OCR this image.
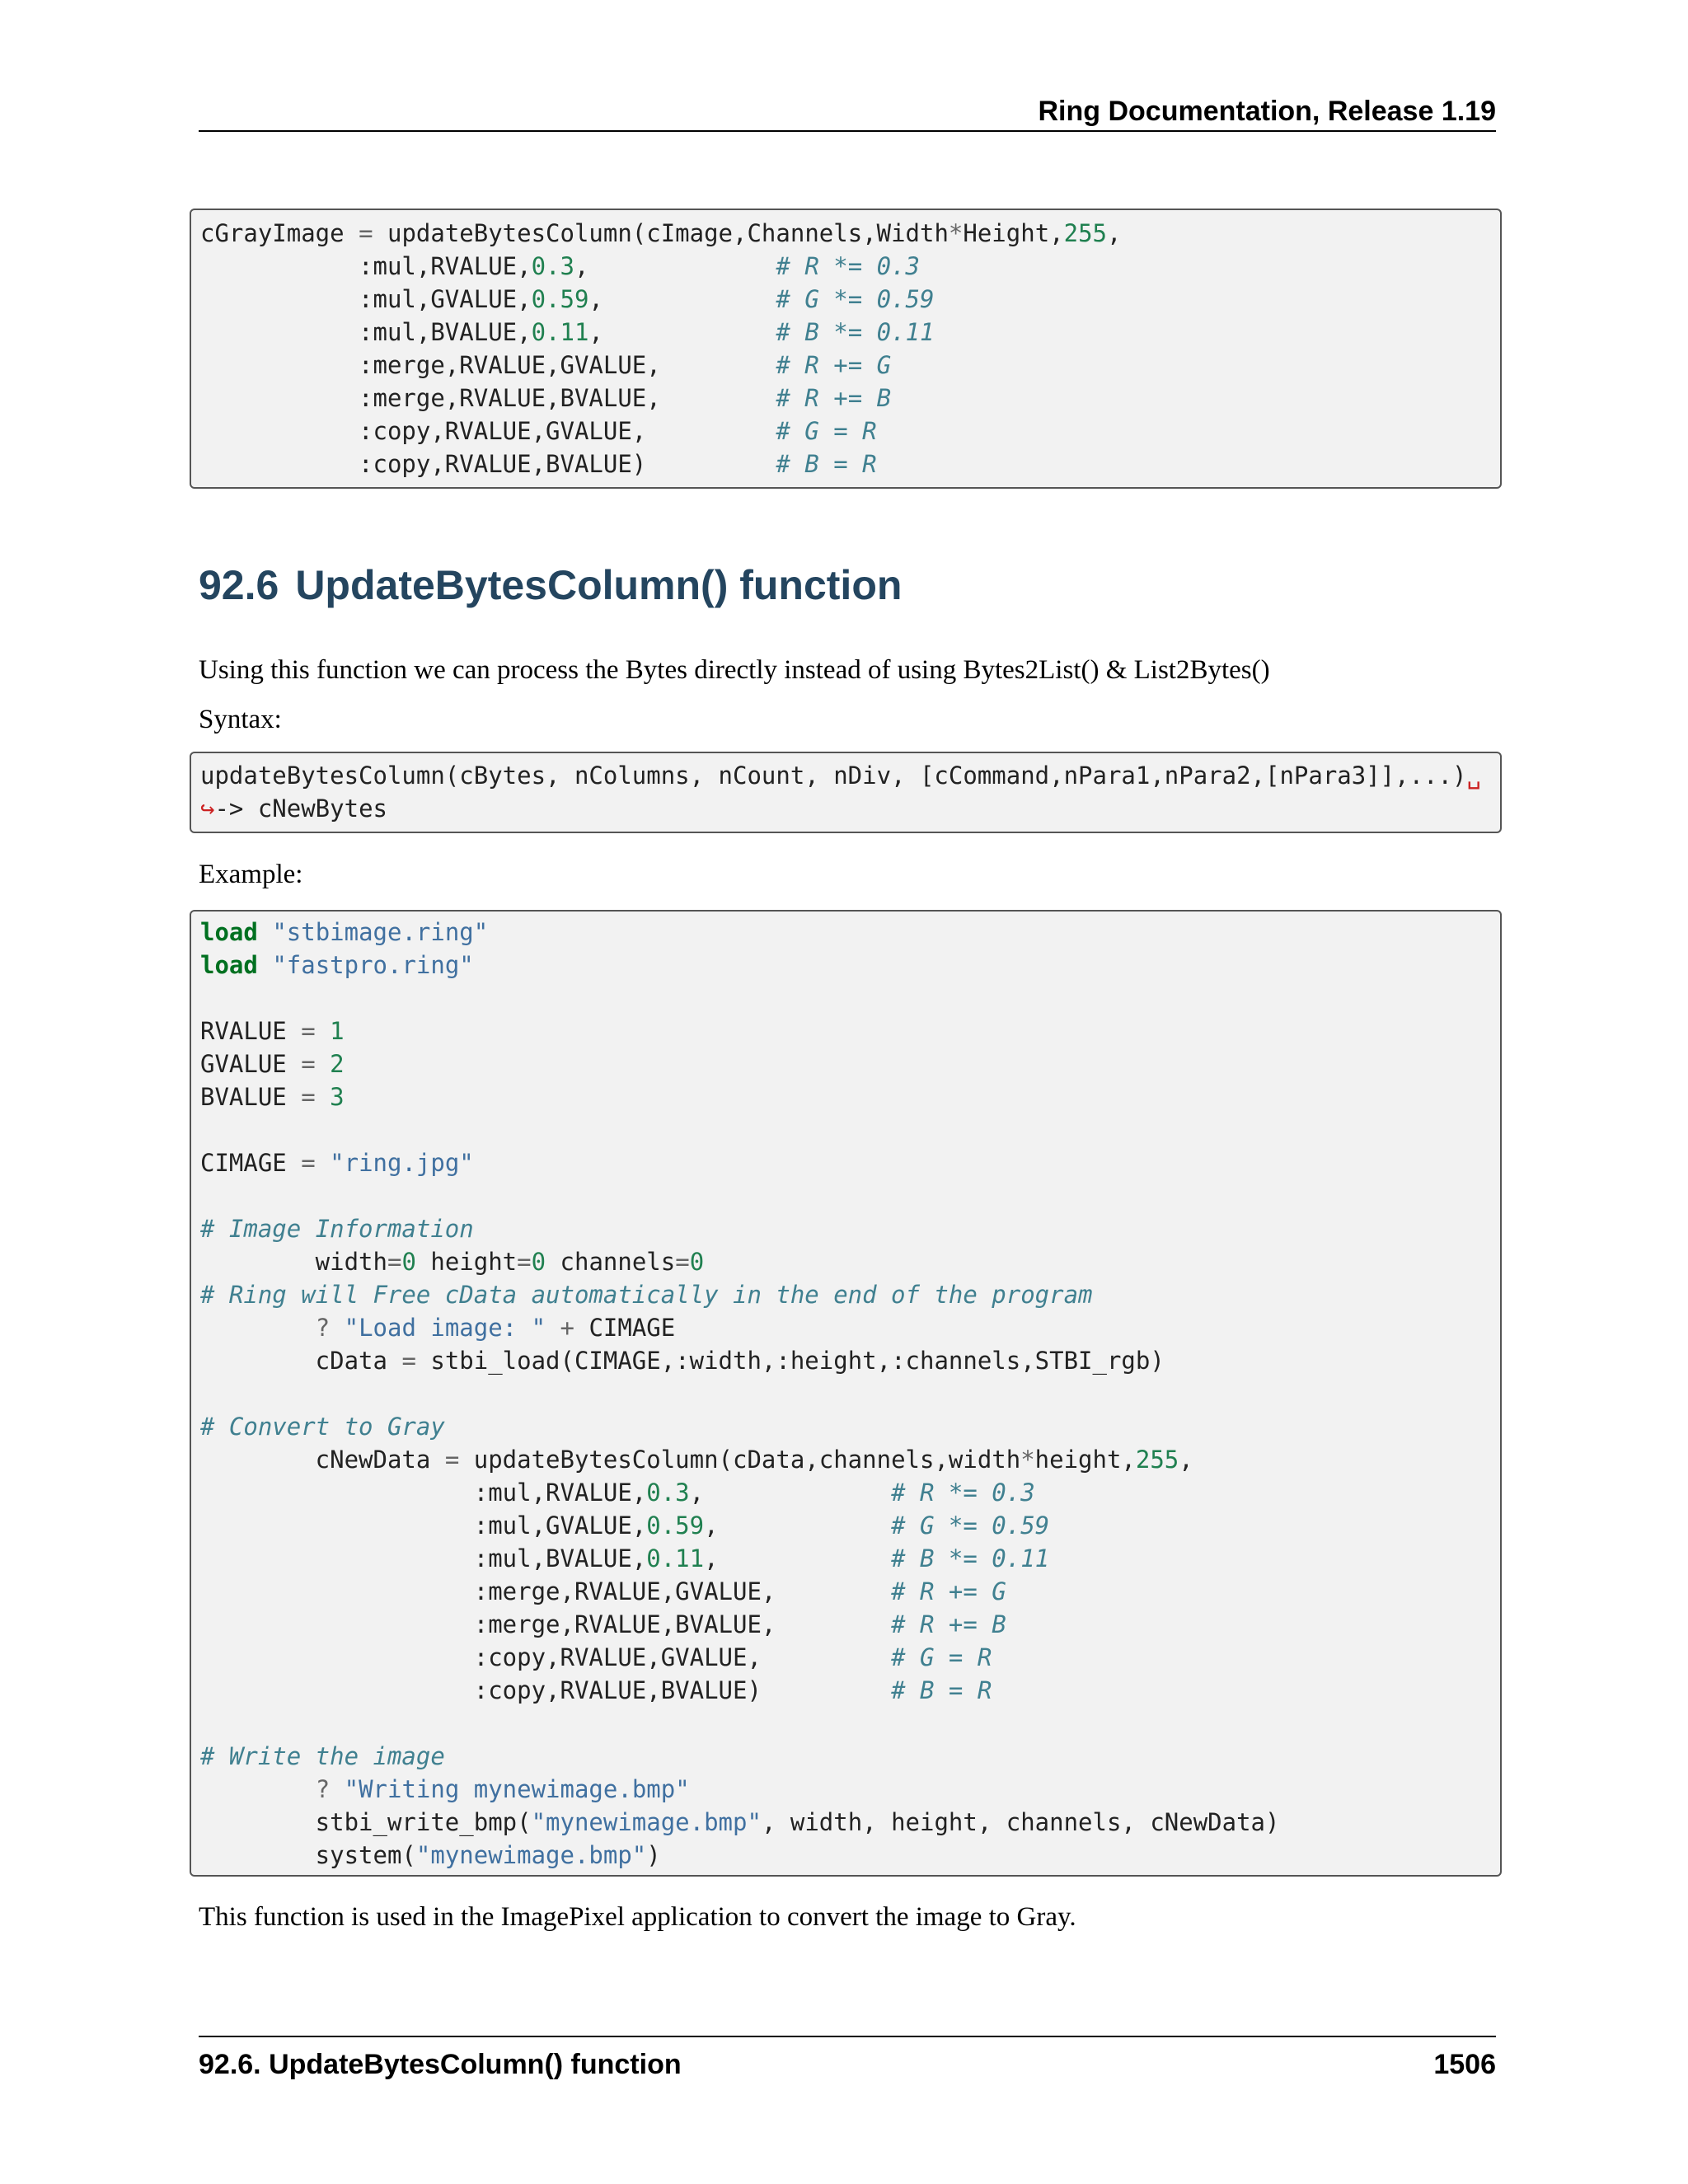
Ring Documentation, Release 1.19
cGrayImage = updateBytesColumn(cImage,Channels,Width*Height,255,
:mul,RVALUE,0.3,             # R *= 0.3
:mul,GVALUE,0.59,            # G *= 0.59
:mul,BVALUE,0.11,            # B *= 0.11
:merge,RVALUE,GVALUE,	# R += G
:merge,RVALUE,BVALUE,	# R += B
:copy,RVALUE,GVALUE,	# G = R
:copy,RVALUE,BVALUE)	# B = R
92.6 UpdateBytesColumn() function

Using this function we can process the Bytes directly instead of using Bytes2List() & List2Bytes()

Syntax:

updateBytesColumn(cBytes, nColumns, nCount, nDiv, [cCommand,nPara1,nPara2,[nPara3]],...)␣
↪-> cNewBytes

Example:

load "stbimage.ring"
load "fastpro.ring"

RVALUE = 1
GVALUE = 2
BVALUE = 3

CIMAGE = "ring.jpg"

# Image Information
width=0 height=0 channels=0
# Ring will Free cData automatically in the end of the program
? "Load image: " + CIMAGE
cData = stbi_load(CIMAGE,:width,:height,:channels,STBI_rgb)

# Convert to Gray
cNewData = updateBytesColumn(cData,channels,width*height,255,
:mul,RVALUE,0.3,             # R *= 0.3
:mul,GVALUE,0.59,            # G *= 0.59
:mul,BVALUE,0.11,            # B *= 0.11
:merge,RVALUE,GVALUE,	# R += G
:merge,RVALUE,BVALUE,	# R += B
:copy,RVALUE,GVALUE,	# G = R
:copy,RVALUE,BVALUE)	# B = R

# Write the image
? "Writing mynewimage.bmp"
stbi_write_bmp("mynewimage.bmp", width, height, channels, cNewData)
system("mynewimage.bmp")

This function is used in the ImagePixel application to convert the image to Gray.

92.6. UpdateBytesColumn() function	1506
